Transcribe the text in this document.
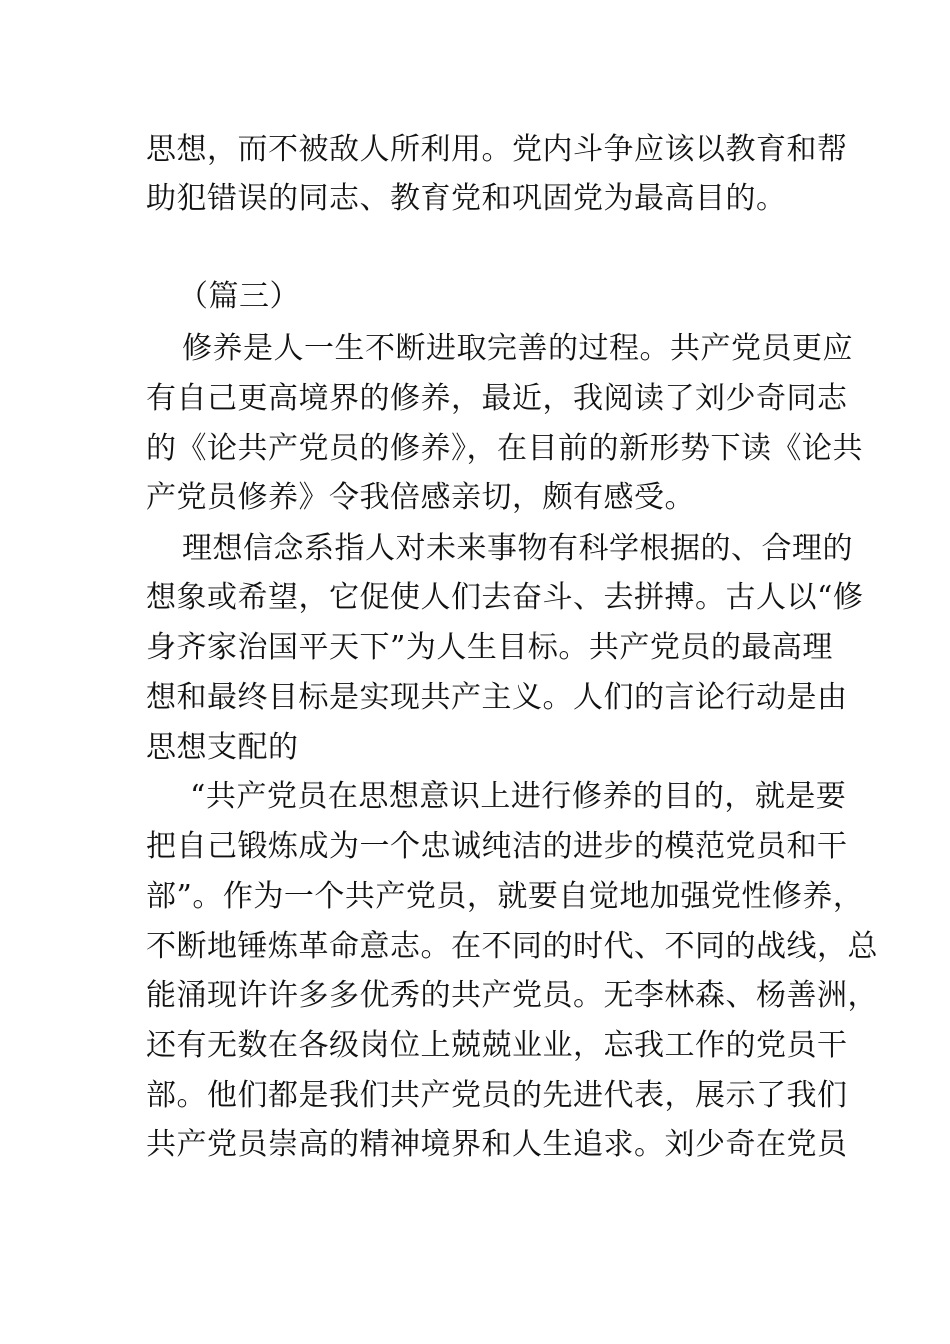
思想，而不被敌人所利用。党内斗争应该以教育和帮
助犯错误的同志、教育党和巩固党为最高目的。
（篇三）
修养是人一生不断进取完善的过程。共产党员更应
有自己更高境界的修养，最近，我阅读了刘少奇同志
的《论共产党员的修养》，在目前的新形势下读《论共
产党员修养》令我倍感亲切，颇有感受。
理想信念系指人对未来事物有科学根据的、合理的
想象或希望，它促使人们去奋斗、去拼搏。古人以“修
身齐家治国平天下”为人生目标。共产党员的最高理
想和最终目标是实现共产主义。人们的言论行动是由
思想支配的
“共产党员在思想意识上进行修养的目的，就是要
把自己锻炼成为一个忠诚纯洁的进步的模范党员和干
部”。作为一个共产党员，就要自觉地加强党性修养，
不断地锤炼革命意志。在不同的时代、不同的战线，总
能涌现许许多多优秀的共产党员。无李林森、杨善洲，
还有无数在各级岗位上兢兢业业，忘我工作的党员干
部。他们都是我们共产党员的先进代表，展示了我们
共产党员崇高的精神境界和人生追求。刘少奇在党员
